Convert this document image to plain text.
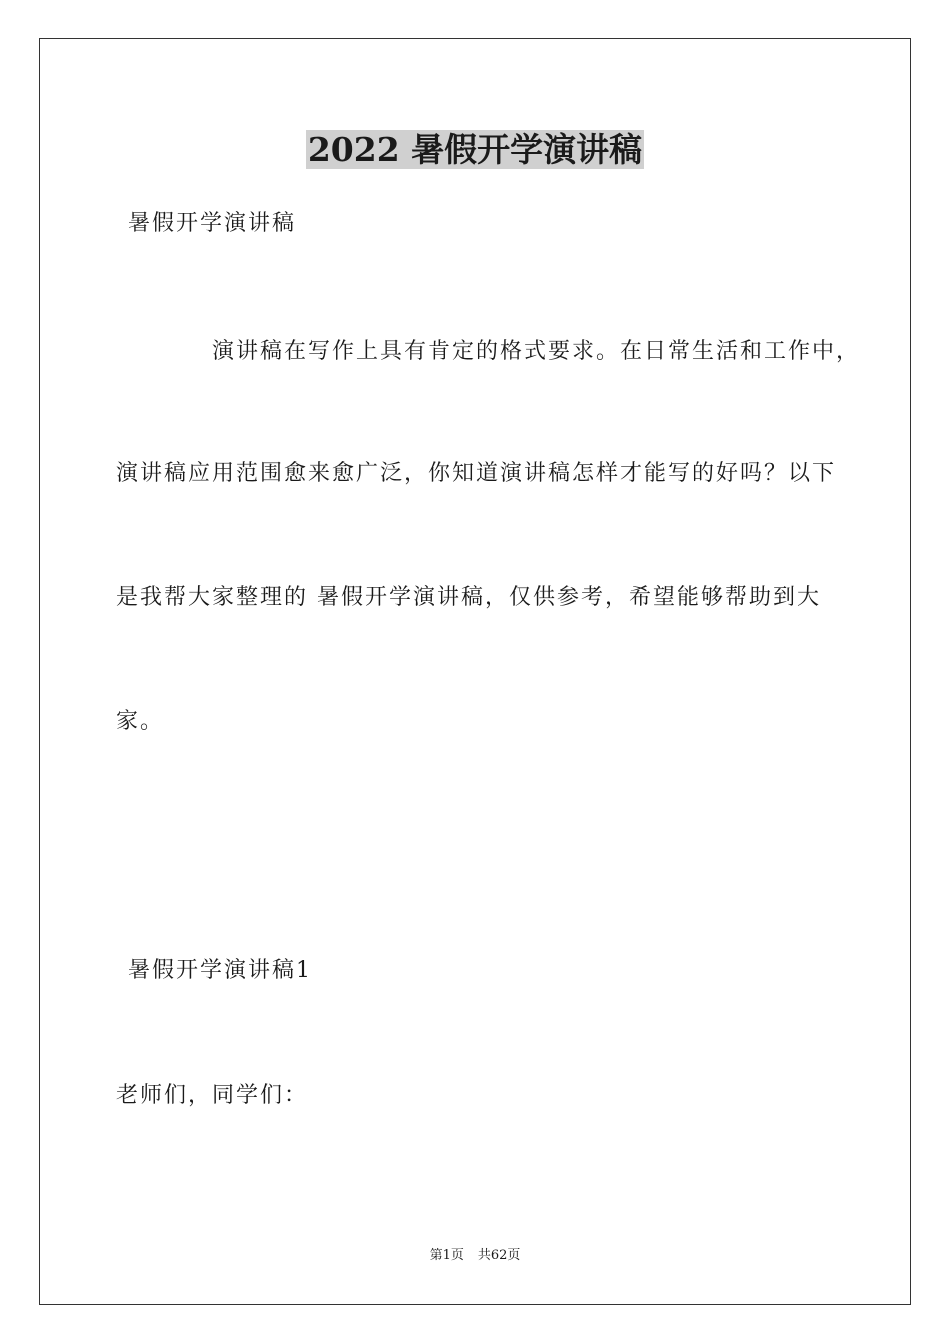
2022 暑假开学演讲稿
暑假开学演讲稿
演讲稿在写作上具有肯定的格式要求。在日常生活和工作中，
演讲稿应用范围愈来愈广泛，你知道演讲稿怎样才能写的好吗？以下
是我帮大家整理的 暑假开学演讲稿，仅供参考，希望能够帮助到大
家。
暑假开学演讲稿1
老师们，同学们：
第1页 共62页
